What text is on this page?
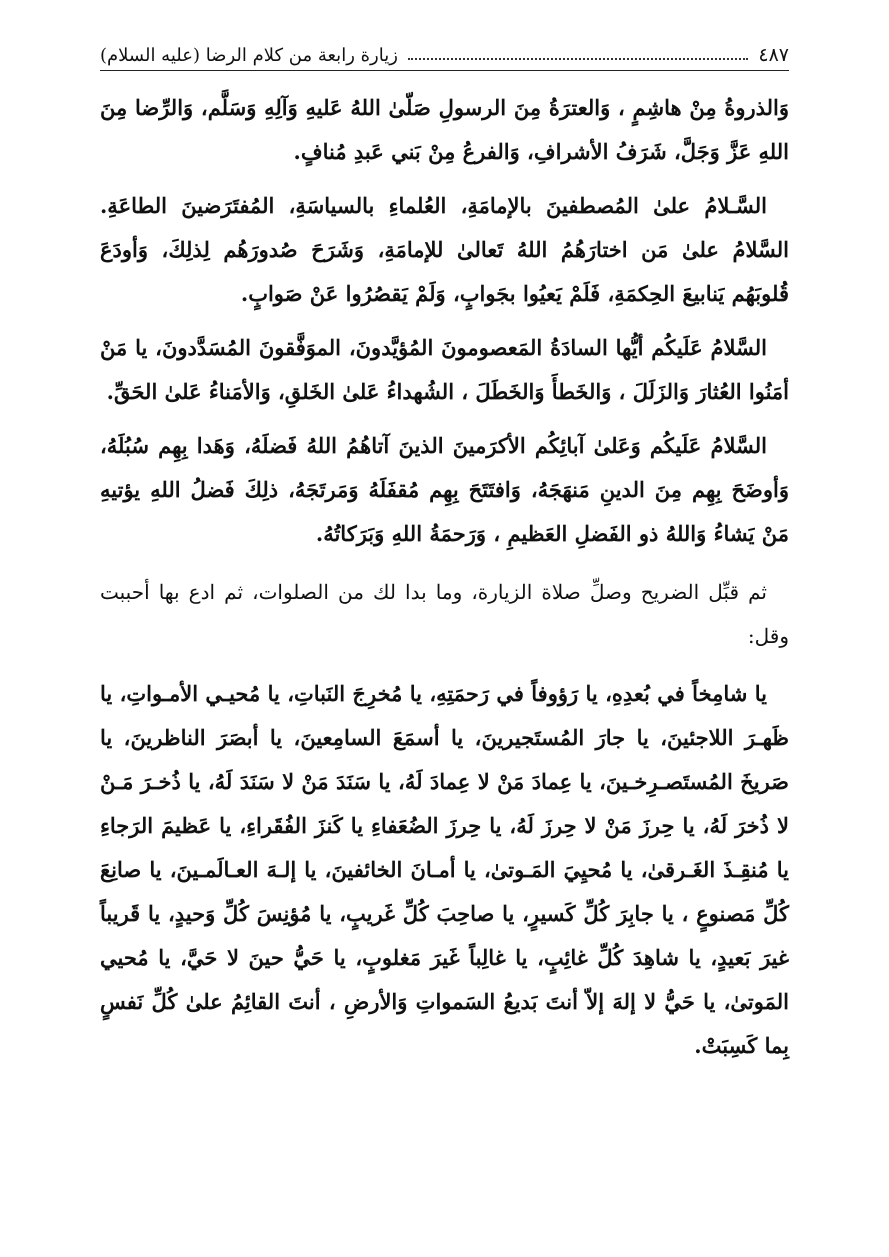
زيارة رابعة من كلام الرضا (عليه السلام)	٤٨٧

وَالذروةُ مِنْ هاشِمٍ ، وَالعترَةُ مِنَ الرسولِ صَلّىٰ اللهُ عَليهِ وَآلِهِ وَسَلَّم، وَالرِّضا مِنَ اللهِ عَزَّ وَجَلَّ، شَرَفُ الأشرافِ، وَالفرعُ مِنْ بَني عَبدِ مُنافٍ.

السَّـلامُ علىٰ المُصطفينَ بالإمامَةِ، العُلماءِ بالسياسَةِ، المُفتَرَضينَ الطاعَةِ. السَّلامُ علىٰ مَن اختارَهُمُ اللهُ تَعالىٰ للإمامَةِ، وَشَرَحَ صُدورَهُم لِذلِكَ، وَأودَعَ قُلوبَهُم يَنابيعَ الحِكمَةِ، فَلَمْ يَعيُوا بجَوابٍ، وَلَمْ يَقصُرُوا عَنْ صَوابٍ.

السَّلامُ عَلَيكُم أيُّها السادَةُ المَعصومونَ المُؤيَّدونَ، الموَفَّقونَ المُسَدَّدونَ، يا مَنْ أمَنُوا العُثارَ وَالزَلَلَ ، وَالخَطأَ وَالخَطَلَ ، الشُهداءُ عَلىٰ الخَلقِ، وَالأمَناءُ عَلىٰ الحَقِّ.

السَّلامُ عَلَيكُم وَعَلىٰ آبائِكُم الأكرَمينَ الذينَ آتاهُمُ اللهُ فَضلَهُ، وَهَدا بِهِم سُبُلَهُ، وَأوضَحَ بِهِم مِنَ الدينِ مَنهَجَهُ، وَافتَتَحَ بِهِم مُقفَلَهُ وَمَرتَجَهُ، ذلِكَ فَضلُ اللهِ يؤتيهِ مَنْ يَشاءُ وَاللهُ ذو الفَضلِ العَظيمِ ، وَرَحمَةُ اللهِ وَبَرَكاتُهُ.

ثم قبِّل الضريح وصلِّ صلاة الزيارة، وما بدا لك من الصلوات، ثم ادع بها أحببت وقل:

يا شامِخاً في بُعدِهِ، يا رَؤوفاً في رَحمَتِهِ، يا مُخرِجَ النَباتِ، يا مُحيـي الأمـواتِ، يا ظَهـرَ اللاجئينَ، يا جارَ المُستَجيرينَ، يا أسمَعَ السامِعينَ، يا أبصَرَ الناظرينَ، يا صَريخَ المُستَصـرِخـينَ، يا عِمادَ مَنْ لا عِمادَ لَهُ، يا سَنَدَ مَنْ لا سَنَدَ لَهُ، يا ذُخـرَ مَـنْ لا ذُخرَ لَهُ، يا حِرزَ مَنْ لا حِرزَ لَهُ، يا حِرزَ الضُعَفاءِ يا كَنزَ الفُقَراءِ، يا عَظيمَ الرَجاءِ يا مُنقِـذَ الغَـرقىٰ، يا مُحيِيَ المَـوتىٰ، يا أمـانَ الخائفينَ، يا إلـهَ العـالَمـينَ، يا صانِعَ كُلِّ مَصنوعٍ ، يا جابِرَ كُلِّ كَسيرٍ، يا صاحِبَ كُلِّ غَريبٍ، يا مُؤنِسَ كُلِّ وَحيدٍ، يا قَريباً غيرَ بَعيدٍ، يا شاهِدَ كُلِّ غائِبٍ، يا غالِباً غَيرَ مَغلوبٍ، يا حَيُّ حينَ لا حَيَّ، يا مُحيي المَوتىٰ، يا حَيُّ لا إلهَ إلاّ أنتَ بَديعُ السَمواتِ وَالأرضِ ، أنتَ القائِمُ علىٰ كُلِّ نَفسٍ بِما كَسِبَتْ.
